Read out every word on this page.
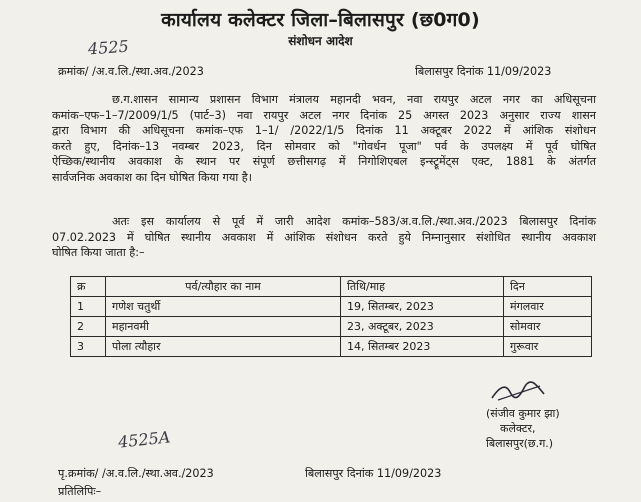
कार्यालय कलेक्टर जिला–बिलासपुर (छ0ग0)
संशोधन आदेश
4525
क्रमांक/ /अ.व.लि./स्था.अव./2023	बिलासपुर दिनांक 11/09/2023
छ.ग.शासन सामान्य प्रशासन विभाग मंत्रालय महानदी भवन, नवा रायपुर अटल नगर का अधिसूचना
कमांक–एफ–1–7/2009/1/5 (पार्ट–3) नवा रायपुर अटल नगर दिनांक 25 अगस्त 2023 अनुसार राज्य शासन
द्वारा विभाग की अधिसूचना कमांक–एफ 1–1/ /2022/1/5 दिनांक 11 अक्टूबर 2022 में आंशिक संशोधन
करते हुए, दिनांक–13 नवम्बर 2023, दिन सोमवार को "गोवर्धन पूजा" पर्व के उपलक्ष्य में पूर्व घोषित
ऐच्छिक/स्थानीय अवकाश के स्थान पर संपूर्ण छत्तीसगढ़ में निगोशिएबल इन्स्ट्रूमेंट्स एक्ट, 1881 के अंतर्गत
सार्वजनिक अवकाश का दिन घोषित किया गया है।
अतः इस कार्यालय से पूर्व में जारी आदेश कमांक–583/अ.व.लि./स्था.अव./2023 बिलासपुर दिनांक
07.02.2023 में घोषित स्थानीय अवकाश में आंशिक संशोधन करते हुये निम्नानुसार संशोधित स्थानीय अवकाश
घोषित किया जाता है:–
क्र	पर्व/त्यौहार का नाम	तिथि/माह	दिन
1	गणेश चतुर्थी	19, सितम्बर, 2023	मंगलवार
2	महानवमी	23, अक्टूबर, 2023	सोमवार
3	पोला त्यौहार	14, सितम्बर 2023	गुरूवार
(संजीव कुमार झा)
कलेक्टर,
बिलासपुर(छ.ग.)
4525A
पृ.क्रमांक/ /अ.व.लि./स्था.अव./2023	बिलासपुर दिनांक 11/09/2023
प्रतिलिपिः–
